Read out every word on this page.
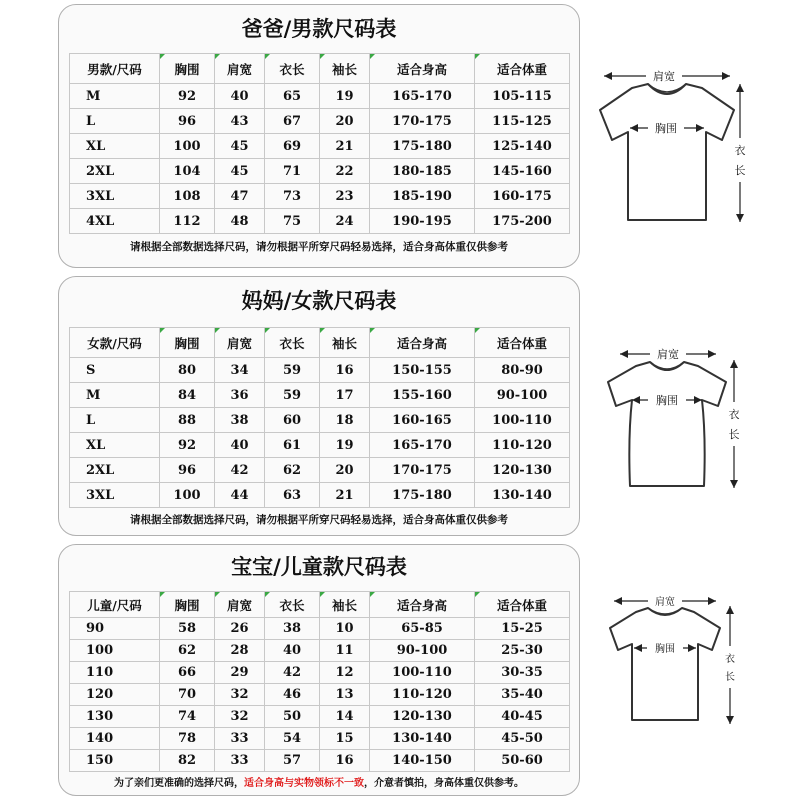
爸爸/男款尺码表
男款/尺码	胸围	肩宽	衣长	袖长	适合身高	适合体重
M	92	40	65	19	165-170	105-115
L	96	43	67	20	170-175	115-125
XL	100	45	69	21	175-180	125-140
2XL	104	45	71	22	180-185	145-160
3XL	108	47	73	23	185-190	160-175
4XL	112	48	75	24	190-195	175-200
请根据全部数据选择尺码，请勿根据平所穿尺码轻易选择，适合身高体重仅供参考
妈妈/女款尺码表
女款/尺码	胸围	肩宽	衣长	袖长	适合身高	适合体重
S	80	34	59	16	150-155	80-90
M	84	36	59	17	155-160	90-100
L	88	38	60	18	160-165	100-110
XL	92	40	61	19	165-170	110-120
2XL	96	42	62	20	170-175	120-130
3XL	100	44	63	21	175-180	130-140
请根据全部数据选择尺码，请勿根据平所穿尺码轻易选择，适合身高体重仅供参考
宝宝/儿童款尺码表
儿童/尺码	胸围	肩宽	衣长	袖长	适合身高	适合体重
90	58	26	38	10	65-85	15-25
100	62	28	40	11	90-100	25-30
110	66	29	42	12	100-110	30-35
120	70	32	46	13	110-120	35-40
130	74	32	50	14	120-130	40-45
140	78	33	54	15	130-140	45-50
150	82	33	57	16	140-150	50-60
为了亲们更准确的选择尺码，适合身高与实物领标不一致，介意者慎拍，身高体重仅供参考。
肩宽
胸围
衣
长
肩宽
胸围
衣
长
肩宽
胸围
衣
长
